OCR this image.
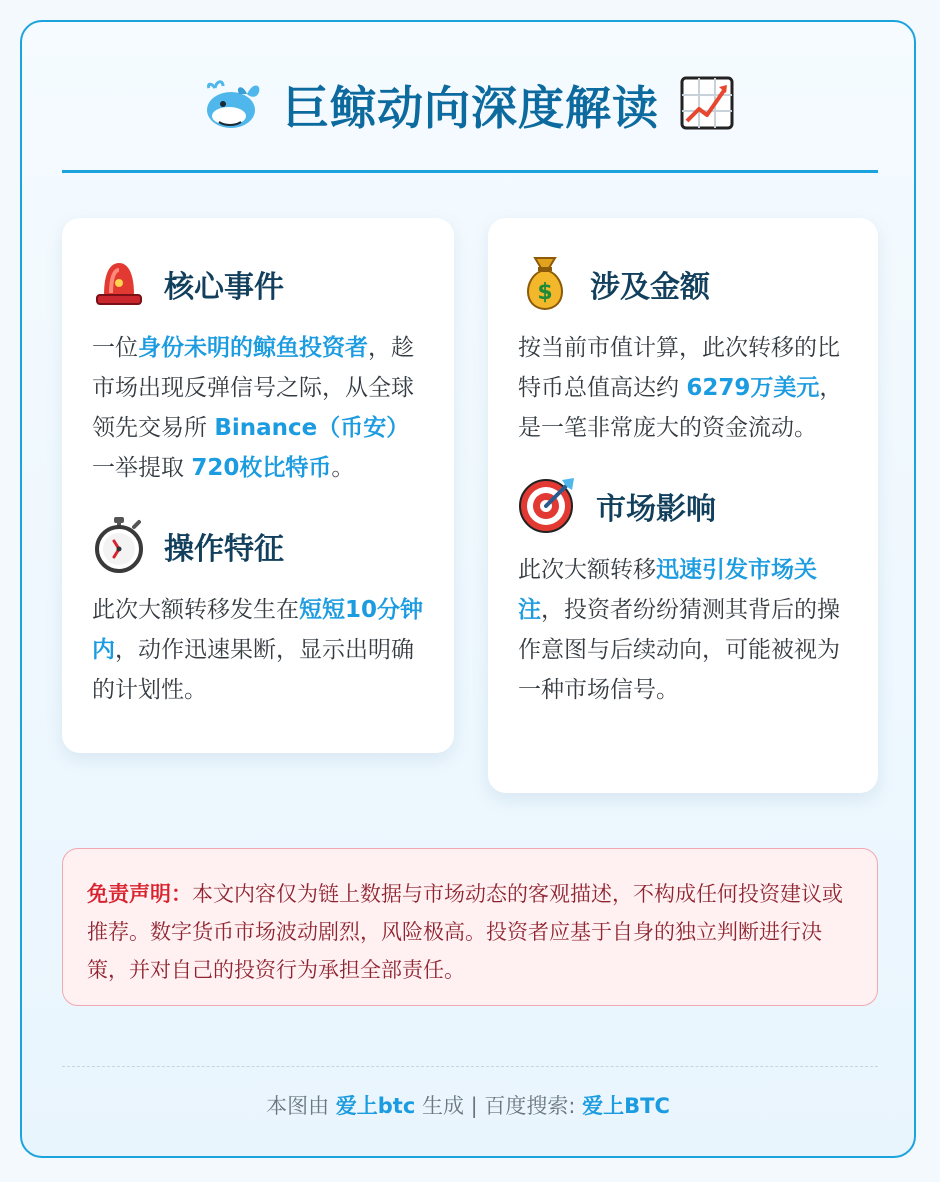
巨鲸动向深度解读
核心事件
一位身份未明的鲸鱼投资者，趁市场出现反弹信号之际，从全球领先交易所 Binance（币安）一举提取 720枚比特币。
操作特征
此次大额转移发生在短短10分钟内，动作迅速果断，显示出明确的计划性。
$ 涉及金额
按当前市值计算，此次转移的比特币总值高达约 6279万美元，是一笔非常庞大的资金流动。
市场影响
此次大额转移迅速引发市场关注，投资者纷纷猜测其背后的操作意图与后续动向，可能被视为一种市场信号。
免责声明：本文内容仅为链上数据与市场动态的客观描述，不构成任何投资建议或推荐。数字货币市场波动剧烈，风险极高。投资者应基于自身的独立判断进行决策，并对自己的投资行为承担全部责任。
本图由 爱上btc 生成 | 百度搜索: 爱上BTC
